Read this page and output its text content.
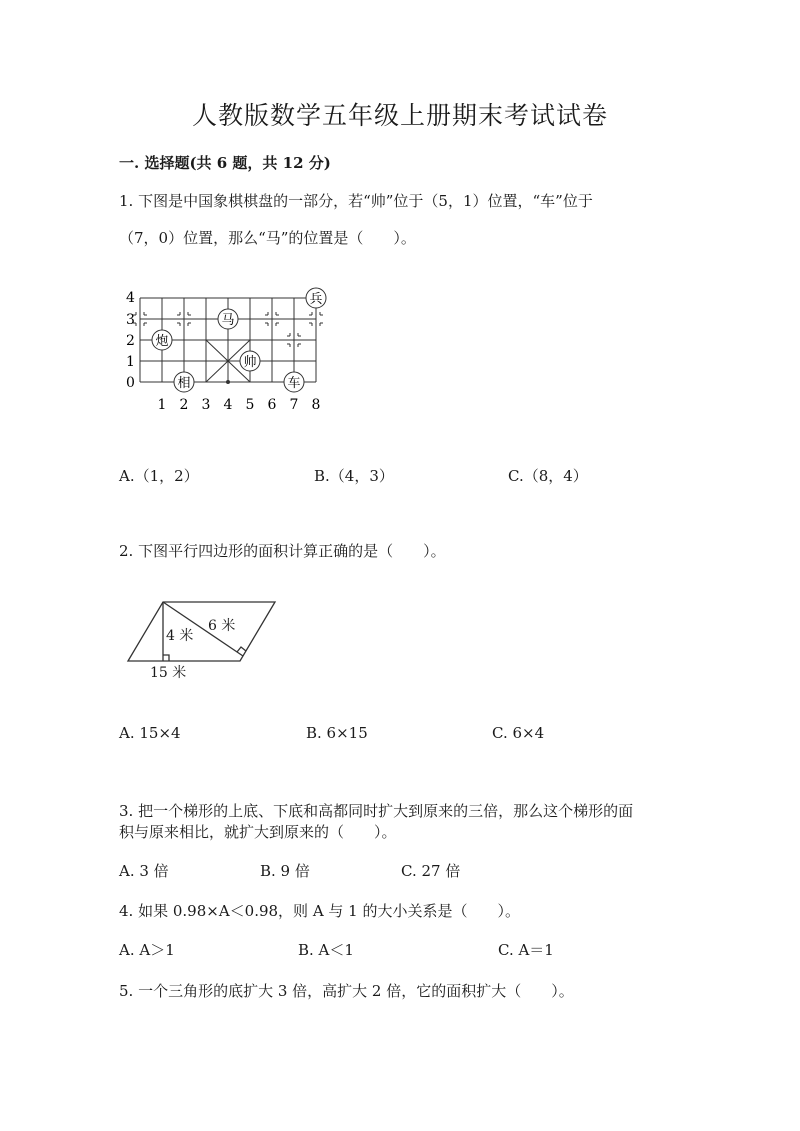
人教版数学五年级上册期末考试试卷
一. 选择题(共 6 题，共 12 分)
1. 下图是中国象棋棋盘的一部分，若“帅”位于（5，1）位置，“车”位于
（7，0）位置，那么“马”的位置是（　　）。
4
3
2
1
0
1 2 3 4 5 6 7 8
兵
马
炮
帅
相	车
A.（1，2）	B.（4，3）	C.（8，4）
2. 下图平行四边形的面积计算正确的是（　　）。
6 米
4 米
15 米
A. 15×4	B. 6×15	C. 6×4
3. 把一个梯形的上底、下底和高都同时扩大到原来的三倍，那么这个梯形的面
积与原来相比，就扩大到原来的（　　）。
A. 3 倍	B. 9 倍	C. 27 倍
4. 如果 0.98×A＜0.98，则 A 与 1 的大小关系是（　　）。
A. A＞1	B. A＜1	C. A＝1
5. 一个三角形的底扩大 3 倍，高扩大 2 倍，它的面积扩大（　　）。
